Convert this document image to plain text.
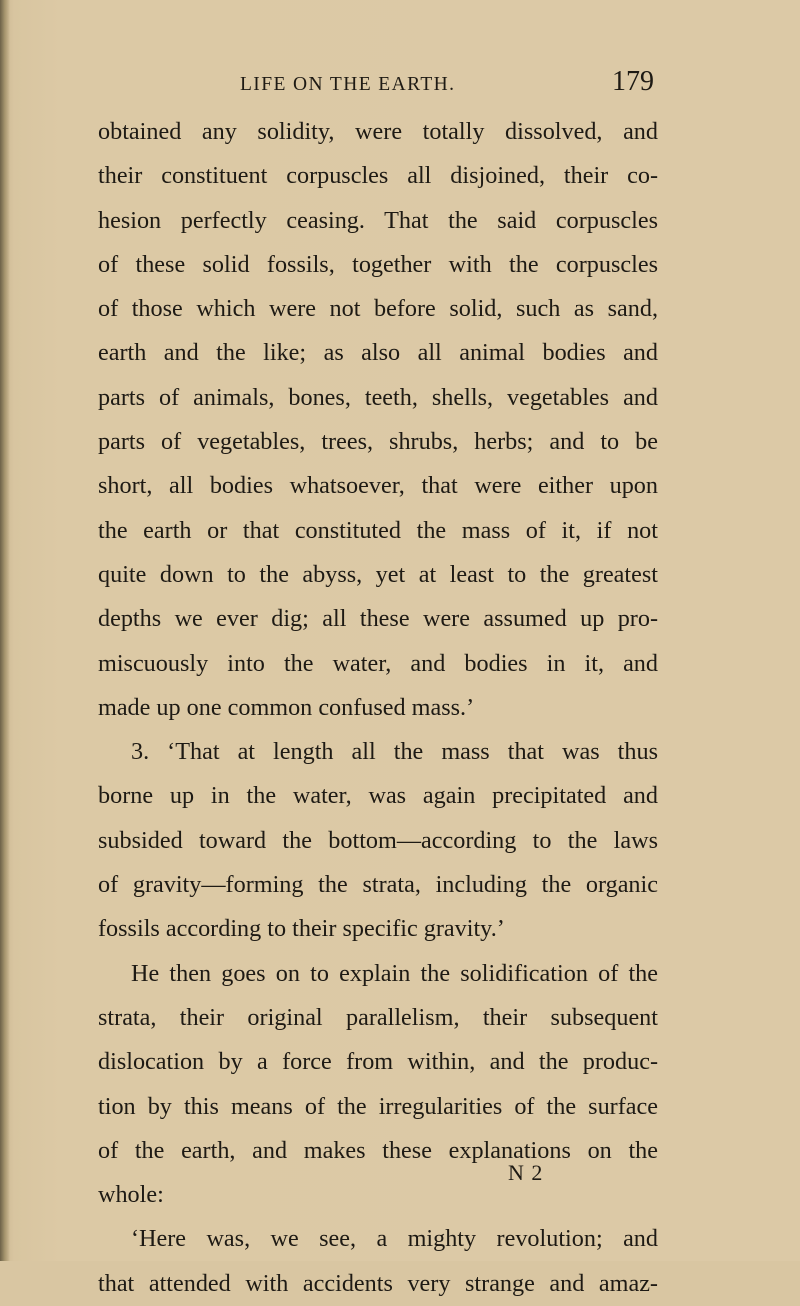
LIFE ON THE EARTH.	179
obtained any solidity, were totally dissolved, and
their constituent corpuscles all disjoined, their co-
hesion perfectly ceasing. That the said corpuscles
of these solid fossils, together with the corpuscles
of those which were not before solid, such as sand,
earth and the like; as also all animal bodies and
parts of animals, bones, teeth, shells, vegetables and
parts of vegetables, trees, shrubs, herbs; and to be
short, all bodies whatsoever, that were either upon
the earth or that constituted the mass of it, if not
quite down to the abyss, yet at least to the greatest
depths we ever dig; all these were assumed up pro-
miscuously into the water, and bodies in it, and
made up one common confused mass.’
3. ‘That at length all the mass that was thus
borne up in the water, was again precipitated and
subsided toward the bottom—according to the laws
of gravity—forming the strata, including the organic
fossils according to their specific gravity.’
He then goes on to explain the solidification of the
strata, their original parallelism, their subsequent
dislocation by a force from within, and the produc-
tion by this means of the irregularities of the surface
of the earth, and makes these explanations on the
whole:
‘Here was, we see, a mighty revolution; and
that attended with accidents very strange and amaz-
N 2
